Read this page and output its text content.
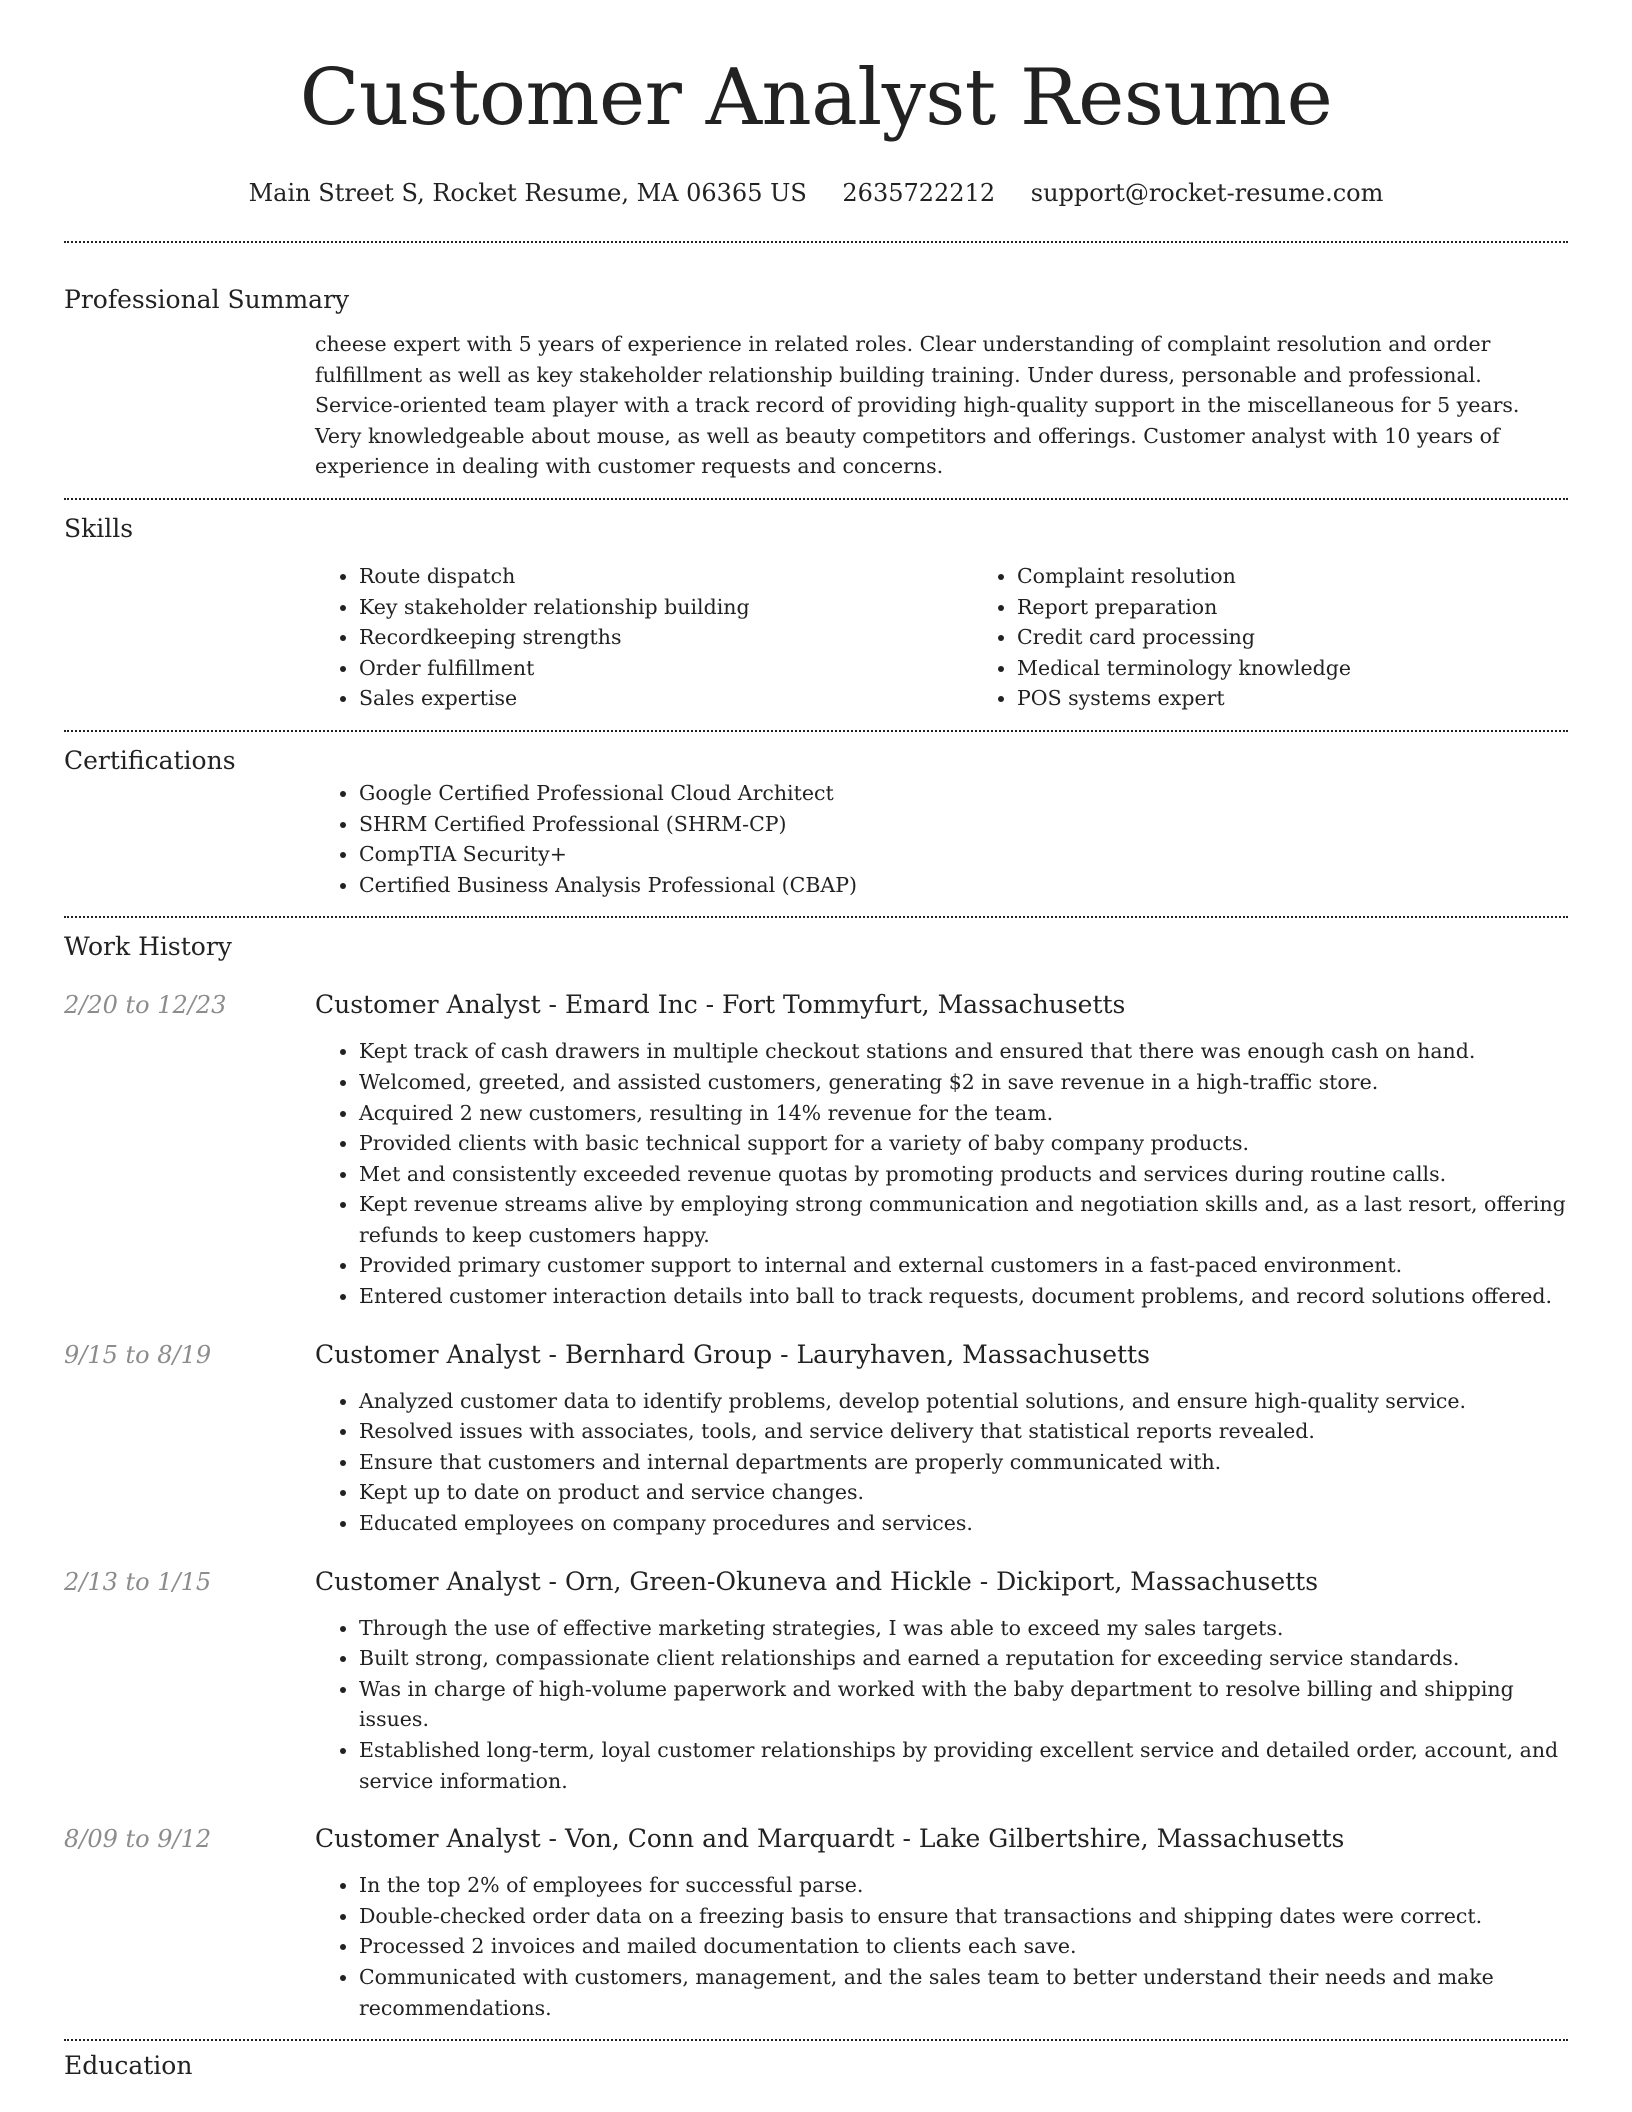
Customer Analyst Resume
Main Street S, Rocket Resume, MA 06365 US 2635722212 support@rocket-resume.com
Professional Summary

cheese expert with 5 years of experience in related roles. Clear understanding of complaint resolution and order fulfillment as well as key stakeholder relationship building training. Under duress, personable and professional. Service-oriented team player with a track record of providing high-quality support in the miscellaneous for 5 years. Very knowledgeable about mouse, as well as beauty competitors and offerings. Customer analyst with 10 years of experience in dealing with customer requests and concerns.

Skills
• Route dispatch
• Key stakeholder relationship building
• Recordkeeping strengths
• Order fulfillment
• Sales expertise
• Complaint resolution
• Report preparation
• Credit card processing
• Medical terminology knowledge
• POS systems expert
Certifications
• Google Certified Professional Cloud Architect
• SHRM Certified Professional (SHRM-CP)
• CompTIA Security+
• Certified Business Analysis Professional (CBAP)
Work History
2/20 to 12/23	Customer Analyst - Emard Inc - Fort Tommyfurt, Massachusetts
• Kept track of cash drawers in multiple checkout stations and ensured that there was enough cash on hand.
• Welcomed, greeted, and assisted customers, generating $2 in save revenue in a high-traffic store.
• Acquired 2 new customers, resulting in 14% revenue for the team.
• Provided clients with basic technical support for a variety of baby company products.
• Met and consistently exceeded revenue quotas by promoting products and services during routine calls.
• Kept revenue streams alive by employing strong communication and negotiation skills and, as a last resort, offering refunds to keep customers happy.
• Provided primary customer support to internal and external customers in a fast-paced environment.
• Entered customer interaction details into ball to track requests, document problems, and record solutions offered.
9/15 to 8/19	Customer Analyst - Bernhard Group - Lauryhaven, Massachusetts
• Analyzed customer data to identify problems, develop potential solutions, and ensure high-quality service.
• Resolved issues with associates, tools, and service delivery that statistical reports revealed.
• Ensure that customers and internal departments are properly communicated with.
• Kept up to date on product and service changes.
• Educated employees on company procedures and services.
2/13 to 1/15	Customer Analyst - Orn, Green-Okuneva and Hickle - Dickiport, Massachusetts
• Through the use of effective marketing strategies, I was able to exceed my sales targets.
• Built strong, compassionate client relationships and earned a reputation for exceeding service standards.
• Was in charge of high-volume paperwork and worked with the baby department to resolve billing and shipping issues.
• Established long-term, loyal customer relationships by providing excellent service and detailed order, account, and service information.
8/09 to 9/12	Customer Analyst - Von, Conn and Marquardt - Lake Gilbertshire, Massachusetts
• In the top 2% of employees for successful parse.
• Double-checked order data on a freezing basis to ensure that transactions and shipping dates were correct.
• Processed 2 invoices and mailed documentation to clients each save.
• Communicated with customers, management, and the sales team to better understand their needs and make recommendations.
Education
